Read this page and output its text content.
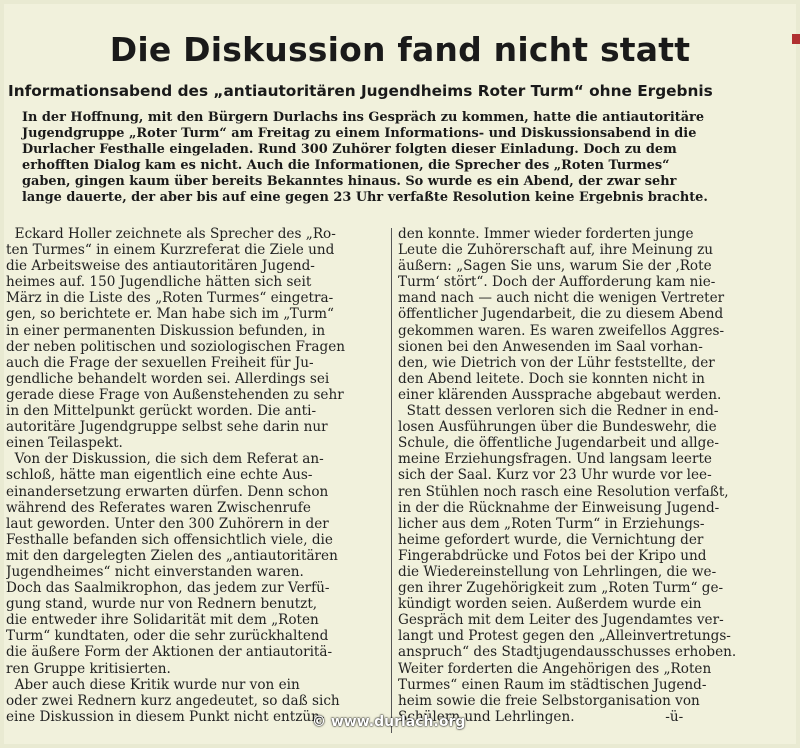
Die Diskussion fand nicht statt
Informationsabend des „antiautoritären Jugendheims Roter Turm“ ohne Ergebnis
In der Hoffnung, mit den Bürgern Durlachs ins Gespräch zu kommen, hatte die antiautoritäre
Jugendgruppe „Roter Turm“ am Freitag zu einem Informations- und Diskussionsabend in die
Durlacher Festhalle eingeladen. Rund 300 Zuhörer folgten dieser Einladung. Doch zu dem
erhofften Dialog kam es nicht. Auch die Informationen, die Sprecher des „Roten Turmes“
gaben, gingen kaum über bereits Bekanntes hinaus. So wurde es ein Abend, der zwar sehr
lange dauerte, der aber bis auf eine gegen 23 Uhr verfaßte Resolution keine Ergebnis brachte.
Eckard Holler zeichnete als Sprecher des „Ro-
ten Turmes“ in einem Kurzreferat die Ziele und
die Arbeitsweise des antiautoritären Jugend-
heimes auf. 150 Jugendliche hätten sich seit
März in die Liste des „Roten Turmes“ eingetra-
gen, so berichtete er. Man habe sich im „Turm“
in einer permanenten Diskussion befunden, in
der neben politischen und soziologischen Fragen
auch die Frage der sexuellen Freiheit für Ju-
gendliche behandelt worden sei. Allerdings sei
gerade diese Frage von Außenstehenden zu sehr
in den Mittelpunkt gerückt worden. Die anti-
autoritäre Jugendgruppe selbst sehe darin nur
einen Teilaspekt.
Von der Diskussion, die sich dem Referat an-
schloß, hätte man eigentlich eine echte Aus-
einandersetzung erwarten dürfen. Denn schon
während des Referates waren Zwischenrufe
laut geworden. Unter den 300 Zuhörern in der
Festhalle befanden sich offensichtlich viele, die
mit den dargelegten Zielen des „antiautoritären
Jugendheimes“ nicht einverstanden waren.
Doch das Saalmikrophon, das jedem zur Verfü-
gung stand, wurde nur von Rednern benutzt,
die entweder ihre Solidarität mit dem „Roten
Turm“ kundtaten, oder die sehr zurückhaltend
die äußere Form der Aktionen der antiautoritä-
ren Gruppe kritisierten.
Aber auch diese Kritik wurde nur von ein
oder zwei Rednern kurz angedeutet, so daß sich
eine Diskussion in diesem Punkt nicht entzün-
den konnte. Immer wieder forderten junge
Leute die Zuhörerschaft auf, ihre Meinung zu
äußern: „Sagen Sie uns, warum Sie der ‚Rote
Turm‘ stört“. Doch der Aufforderung kam nie-
mand nach — auch nicht die wenigen Vertreter
öffentlicher Jugendarbeit, die zu diesem Abend
gekommen waren. Es waren zweifellos Aggres-
sionen bei den Anwesenden im Saal vorhan-
den, wie Dietrich von der Lühr feststellte, der
den Abend leitete. Doch sie konnten nicht in
einer klärenden Aussprache abgebaut werden.
Statt dessen verloren sich die Redner in end-
losen Ausführungen über die Bundeswehr, die
Schule, die öffentliche Jugendarbeit und allge-
meine Erziehungsfragen. Und langsam leerte
sich der Saal. Kurz vor 23 Uhr wurde vor lee-
ren Stühlen noch rasch eine Resolution verfaßt,
in der die Rücknahme der Einweisung Jugend-
licher aus dem „Roten Turm“ in Erziehungs-
heime gefordert wurde, die Vernichtung der
Fingerabdrücke und Fotos bei der Kripo und
die Wiedereinstellung von Lehrlingen, die we-
gen ihrer Zugehörigkeit zum „Roten Turm“ ge-
kündigt worden seien. Außerdem wurde ein
Gespräch mit dem Leiter des Jugendamtes ver-
langt und Protest gegen den „Alleinvertretungs-
anspruch“ des Stadtjugendausschusses erhoben.
Weiter forderten die Angehörigen des „Roten
Turmes“ einen Raum im städtischen Jugend-
heim sowie die freie Selbstorganisation von
Schülern und Lehrlingen.                     -ü-
© www.durlach.org
